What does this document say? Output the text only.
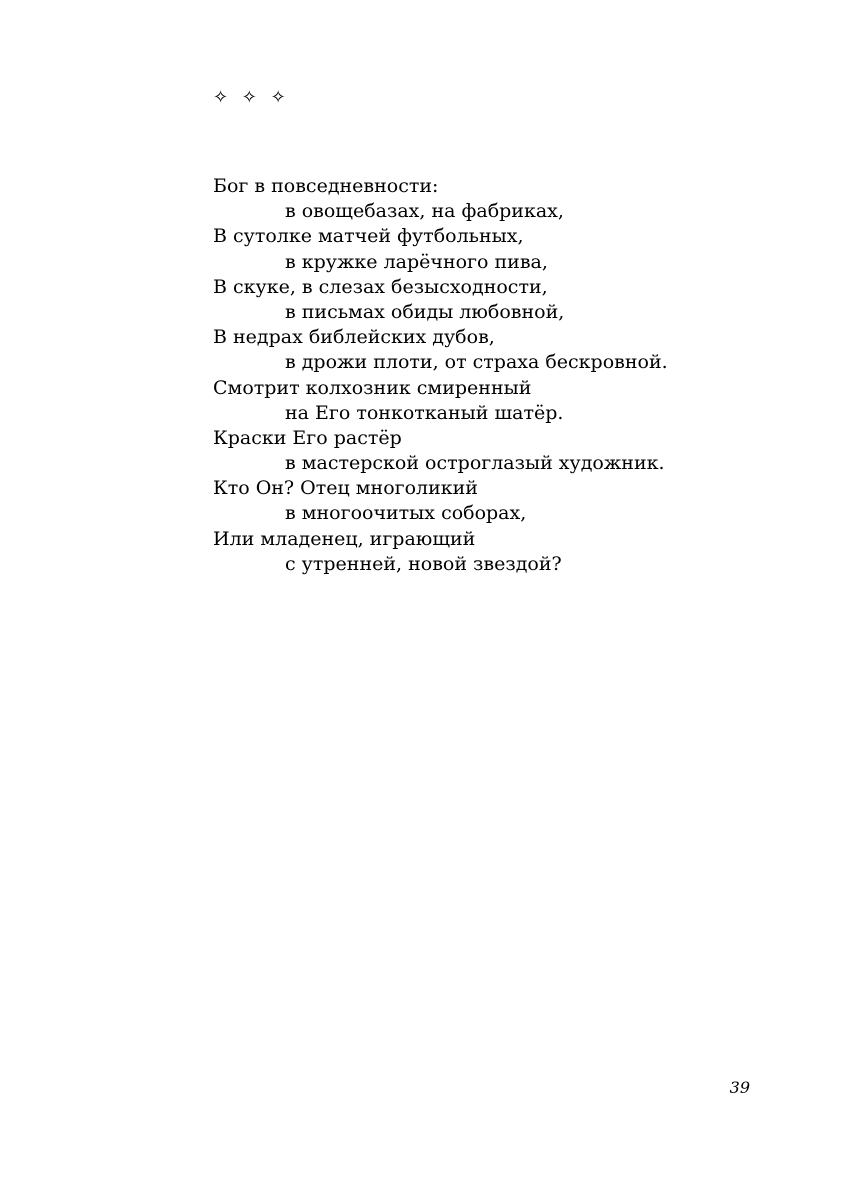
✧ ✧ ✧
Бог в повседневности:
в овощебазах, на фабриках,
В сутолке матчей футбольных,
в кружке ларёчного пива,
В скуке, в слезах безысходности,
в письмах обиды любовной,
В недрах библейских дубов,
в дрожи плоти, от страха бескровной.
Смотрит колхозник смиренный
на Его тонкотканый шатёр.
Краски Его растёр
в мастерской остроглазый художник.
Кто Он? Отец многоликий
в многоочитых соборах,
Или младенец, играющий
с утренней, новой звездой?
39
